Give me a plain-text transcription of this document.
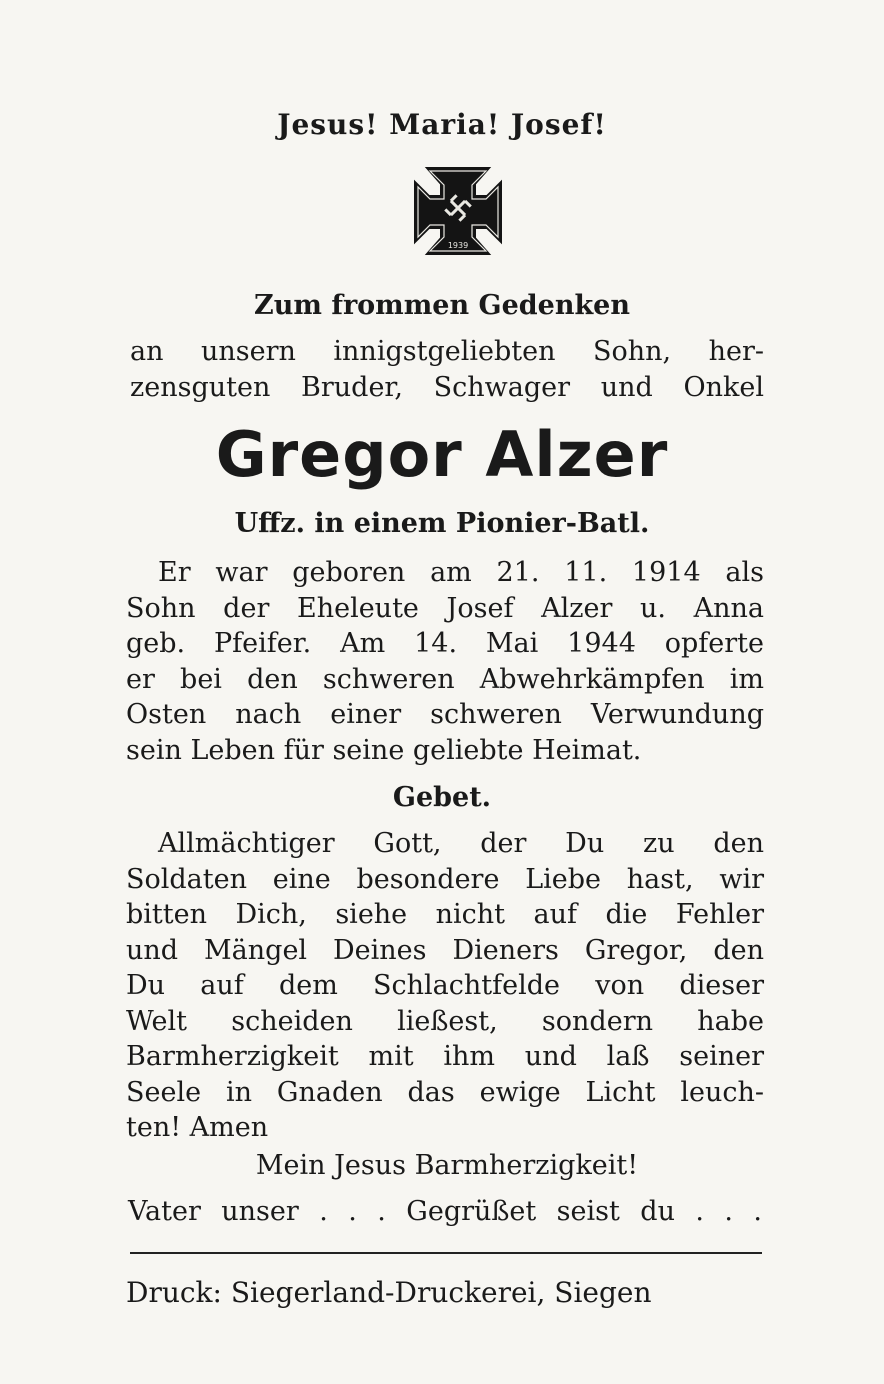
Jesus! Maria! Josef!
1939
Zum frommen Gedenken
an unsern innigstgeliebten Sohn, her-
zensguten Bruder, Schwager und Onkel
Gregor Alzer
Uffz. in einem Pionier-Batl.
Er war geboren am 21. 11. 1914 als
Sohn der Eheleute Josef Alzer u. Anna
geb. Pfeifer. Am 14. Mai 1944 opferte
er bei den schweren Abwehrkämpfen im
Osten nach einer schweren Verwundung
sein Leben für seine geliebte Heimat.
Gebet.
Allmächtiger Gott, der Du zu den
Soldaten eine besondere Liebe hast, wir
bitten Dich, siehe nicht auf die Fehler
und Mängel Deines Dieners Gregor, den
Du auf dem Schlachtfelde von dieser
Welt scheiden ließest, sondern habe
Barmherzigkeit mit ihm und laß seiner
Seele in Gnaden das ewige Licht leuch-
ten! Amen
Mein Jesus Barmherzigkeit!
Vater unser . . . Gegrüßet seist du . . .
Druck: Siegerland-Druckerei, Siegen
